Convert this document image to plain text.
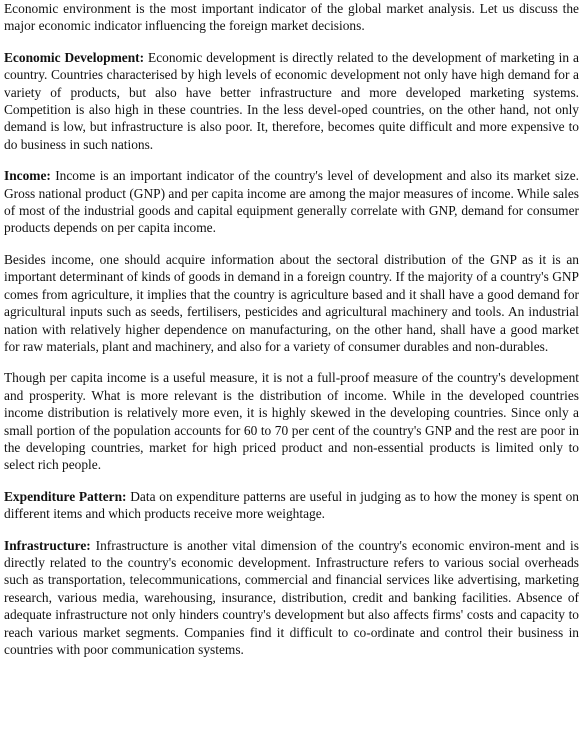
Economic environment is the most important indicator of the global market analysis. Let us discuss the major economic indicator influencing the foreign market decisions.

Economic Development: Economic development is directly related to the development of marketing in a country. Countries characterised by high levels of economic development not only have high demand for a variety of products, but also have better infrastructure and more developed marketing systems. Competition is also high in these countries. In the less devel-oped countries, on the other hand, not only demand is low, but infrastructure is also poor. It, therefore, becomes quite difficult and more expensive to do business in such nations.

Income: Income is an important indicator of the country's level of development and also its market size. Gross national product (GNP) and per capita income are among the major measures of income. While sales of most of the industrial goods and capital equipment generally correlate with GNP, demand for consumer products depends on per capita income.

Besides income, one should acquire information about the sectoral distribution of the GNP as it is an important determinant of kinds of goods in demand in a foreign country. If the majority of a country's GNP comes from agriculture, it implies that the country is agriculture based and it shall have a good demand for agricultural inputs such as seeds, fertilisers, pesticides and agricultural machinery and tools. An industrial nation with relatively higher dependence on manufacturing, on the other hand, shall have a good market for raw materials, plant and machinery, and also for a variety of consumer durables and non-durables.

Though per capita income is a useful measure, it is not a full-proof measure of the country's development and prosperity. What is more relevant is the distribution of income. While in the developed countries income distribution is relatively more even, it is highly skewed in the developing countries. Since only a small portion of the population accounts for 60 to 70 per cent of the country's GNP and the rest are poor in the developing countries, market for high priced product and non-essential products is limited only to select rich people.

Expenditure Pattern: Data on expenditure patterns are useful in judging as to how the money is spent on different items and which products receive more weightage.

Infrastructure: Infrastructure is another vital dimension of the country's economic environ-ment and is directly related to the country's economic development. Infrastructure refers to various social overheads such as transportation, telecommunications, commercial and financial services like advertising, marketing research, various media, warehousing, insurance, distribution, credit and banking facilities. Absence of adequate infrastructure not only hinders country's development but also affects firms' costs and capacity to reach various market segments. Companies find it difficult to co-ordinate and control their business in countries with poor communication systems.
